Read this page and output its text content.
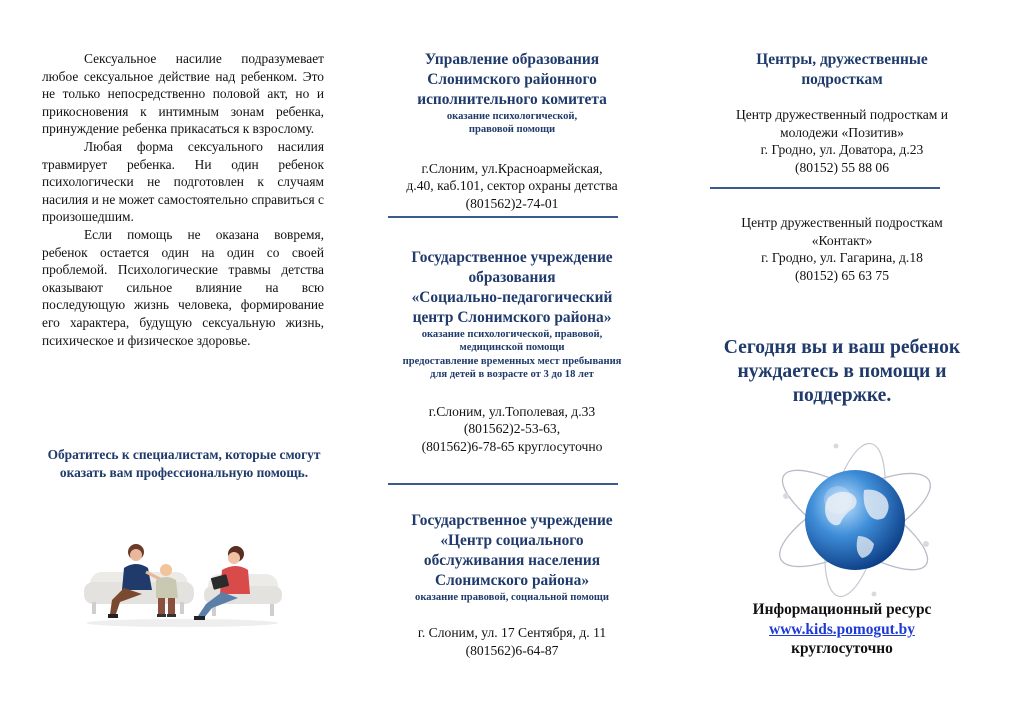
Сексуальное насилие подразумевает любое сексуальное действие над ребенком. Это не только непосредственно половой акт, но и прикосновения к интимным зонам ребенка, принуждение ребенка прикасаться к взрослому.

Любая форма сексуального насилия травмирует ребенка. Ни один ребенок психологически не подготовлен к случаям насилия и не может самостоятельно справиться с произошедшим.

Если помощь не оказана вовремя, ребенок остается один на один со своей проблемой. Психологические травмы детства оказывают сильное влияние на всю последующую жизнь человека, формирование его характера, будущую сексуальную жизнь, психическое и физическое здоровье.

Обратитесь к специалистам, которые смогут оказать вам профессиональную помощь.
Управление образования
Слонимского районного
исполнительного комитета
оказание психологической,
правовой помощи
г.Слоним, ул.Красноармейская,
д.40, каб.101, сектор охраны детства
(801562)2-74-01
Государственное учреждение
образования
«Социально-педагогический
центр Слонимского района»
оказание психологической, правовой,
медицинской помощи
предоставление временных мест пребывания
для детей в возрасте от 3 до 18 лет
г.Слоним, ул.Тополевая, д.33
(801562)2-53-63,
(801562)6-78-65 круглосуточно
Государственное учреждение
«Центр социального
обслуживания населения
Слонимского района»
оказание правовой, социальной помощи
г. Слоним, ул. 17 Сентября, д. 11
(801562)6-64-87
Центры, дружественные
подросткам
Центр дружественный подросткам и
молодежи «Позитив»
г. Гродно, ул. Доватора, д.23
(80152) 55 88 06
Центр дружественный подросткам
«Контакт»
г. Гродно, ул. Гагарина, д.18
(80152) 65 63 75
Сегодня вы и ваш ребенок
нуждаетесь в помощи и
поддержке.
Информационный ресурс
www.kids.pomogut.by
круглосуточно
